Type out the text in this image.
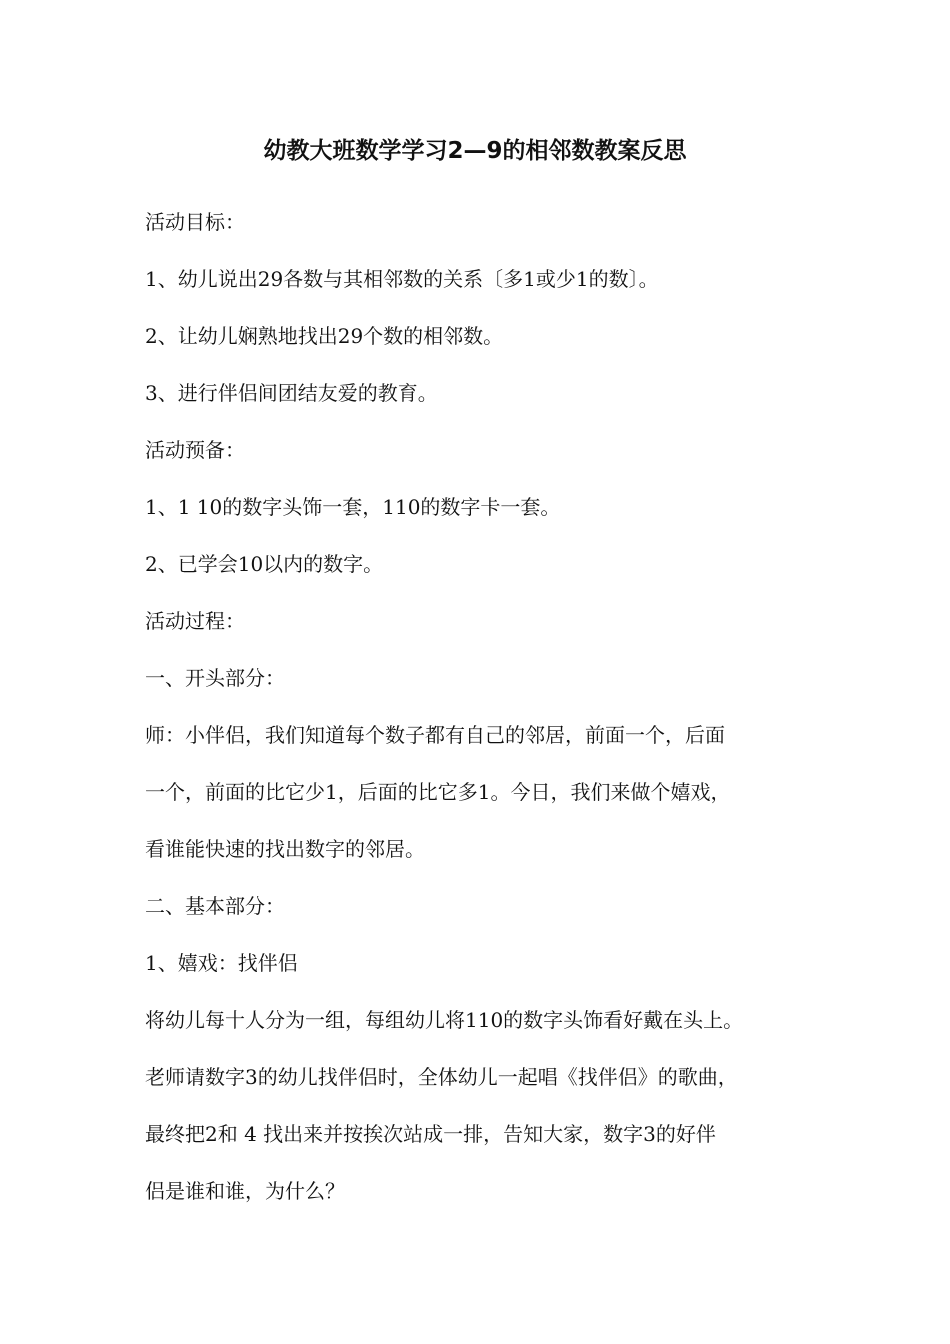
幼教大班数学学习2—9的相邻数教案反思
活动目标：
1、幼儿说出29各数与其相邻数的关系〔多1或少1的数〕。
2、让幼儿娴熟地找出29个数的相邻数。
3、进行伴侣间团结友爱的教育。
活动预备：
1、1 10的数字头饰一套，110的数字卡一套。
2、已学会10以内的数字。
活动过程：
一、开头部分：
师：小伴侣，我们知道每个数子都有自己的邻居，前面一个，后面
一个，前面的比它少1，后面的比它多1。今日，我们来做个嬉戏，
看谁能快速的找出数字的邻居。
二、基本部分：
1、嬉戏：找伴侣
将幼儿每十人分为一组，每组幼儿将110的数字头饰看好戴在头上。
老师请数字3的幼儿找伴侣时，全体幼儿一起唱《找伴侣》的歌曲，
最终把2和 4 找出来并按挨次站成一排，告知大家，数字3的好伴
侣是谁和谁，为什么？
